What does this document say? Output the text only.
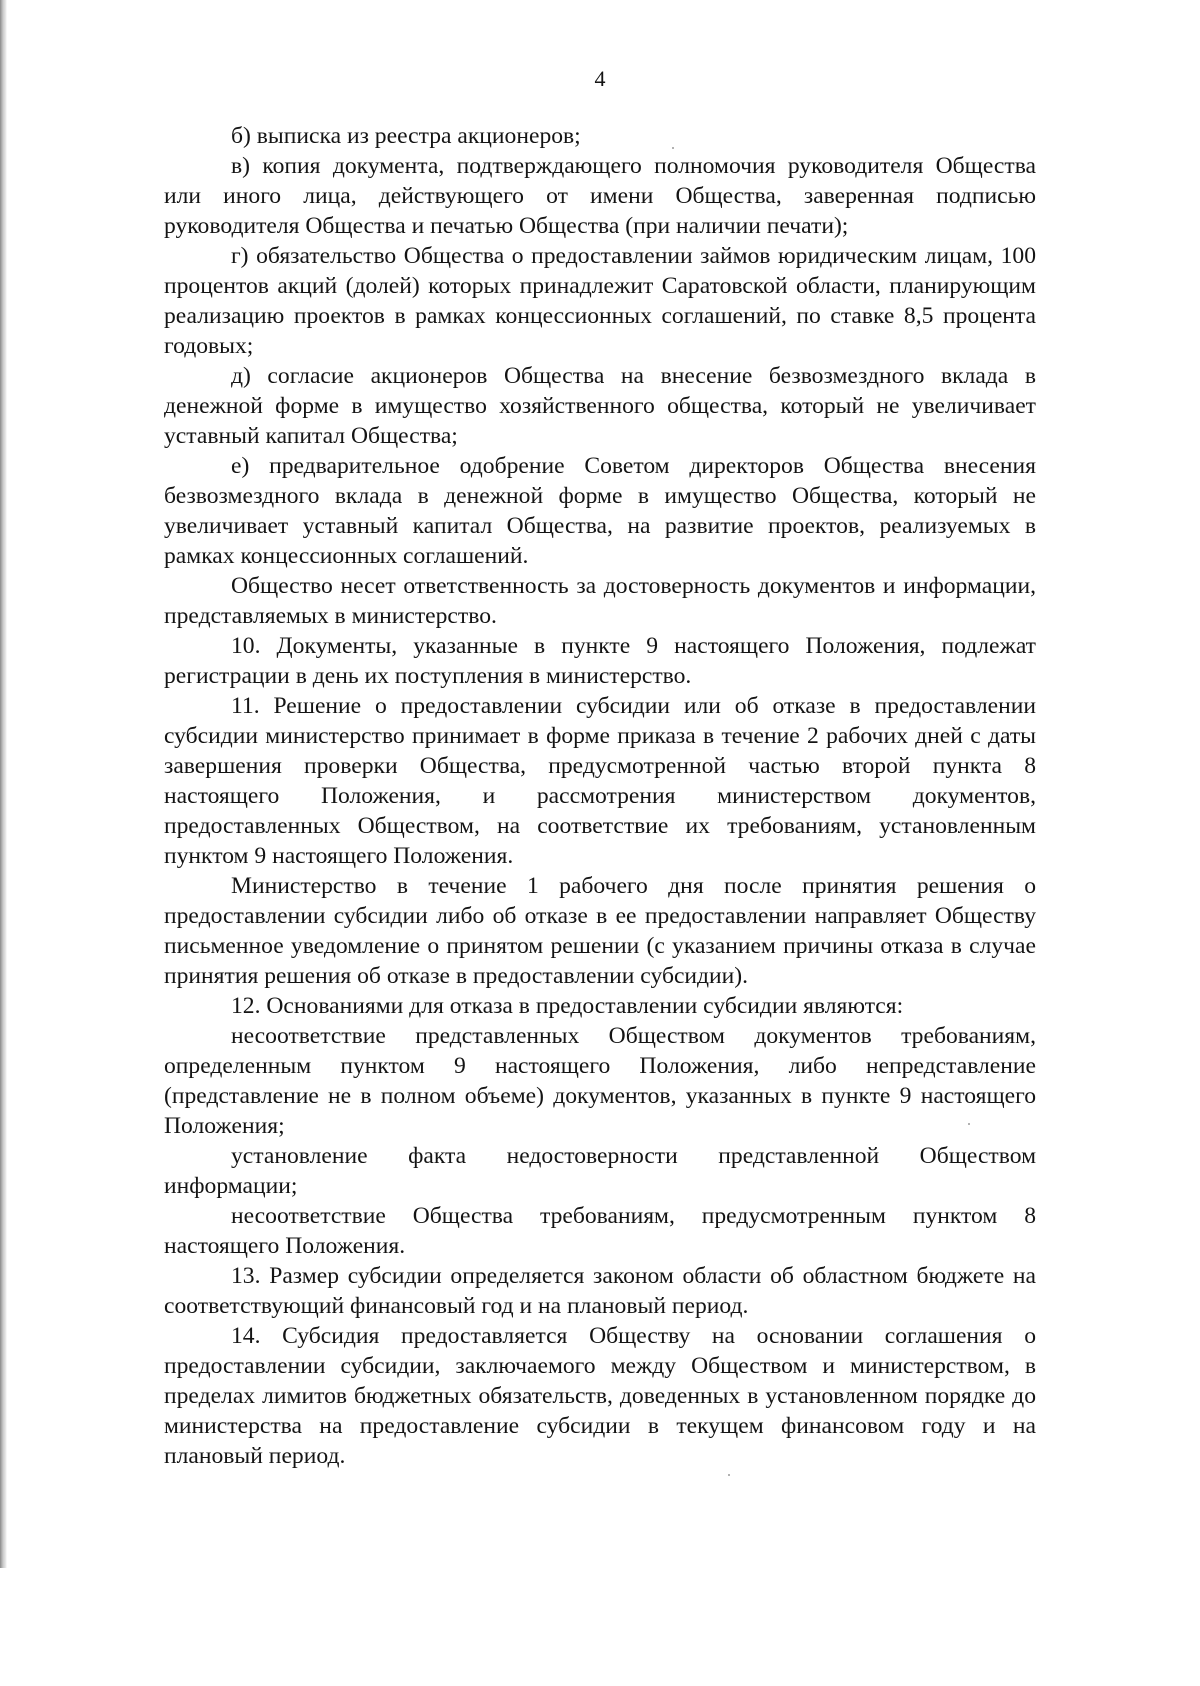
4

б) выписка из реестра акционеров;

в) копия документа, подтверждающего полномочия руководителя Общества или иного лица, действующего от имени Общества, заверенная подписью руководителя Общества и печатью Общества (при наличии печати);

г) обязательство Общества о предоставлении займов юридическим лицам, 100 процентов акций (долей) которых принадлежит Саратовской области, планирующим реализацию проектов в рамках концессионных соглашений, по ставке 8,5 процента годовых;

д) согласие акционеров Общества на внесение безвозмездного вклада в денежной форме в имущество хозяйственного общества, который не увеличивает уставный капитал Общества;

е) предварительное одобрение Советом директоров Общества внесения безвозмездного вклада в денежной форме в имущество Общества, который не увеличивает уставный капитал Общества, на развитие проектов, реализуемых в рамках концессионных соглашений.

Общество несет ответственность за достоверность документов и информации, представляемых в министерство.

10. Документы, указанные в пункте 9 настоящего Положения, подлежат регистрации в день их поступления в министерство.

11. Решение о предоставлении субсидии или об отказе в предоставлении субсидии министерство принимает в форме приказа в течение 2 рабочих дней с даты завершения проверки Общества, предусмотренной частью второй пункта 8 настоящего Положения, и рассмотрения министерством документов, предоставленных Обществом, на соответствие их требованиям, установленным пунктом 9 настоящего Положения.

Министерство в течение 1 рабочего дня после принятия решения о предоставлении субсидии либо об отказе в ее предоставлении направляет Обществу письменное уведомление о принятом решении (с указанием причины отказа в случае принятия решения об отказе в предоставлении субсидии).

12. Основаниями для отказа в предоставлении субсидии являются:

несоответствие представленных Обществом документов требованиям, определенным пунктом 9 настоящего Положения, либо непредставление (представление не в полном объеме) документов, указанных в пункте 9 настоящего Положения;

установление факта недостоверности представленной Обществом информации;

несоответствие Общества требованиям, предусмотренным пунктом 8 настоящего Положения.

13. Размер субсидии определяется законом области об областном бюджете на соответствующий финансовый год и на плановый период.

14. Субсидия предоставляется Обществу на основании соглашения о предоставлении субсидии, заключаемого между Обществом и министерством, в пределах лимитов бюджетных обязательств, доведенных в установленном порядке до министерства на предоставление субсидии в текущем финансовом году и на плановый период.
